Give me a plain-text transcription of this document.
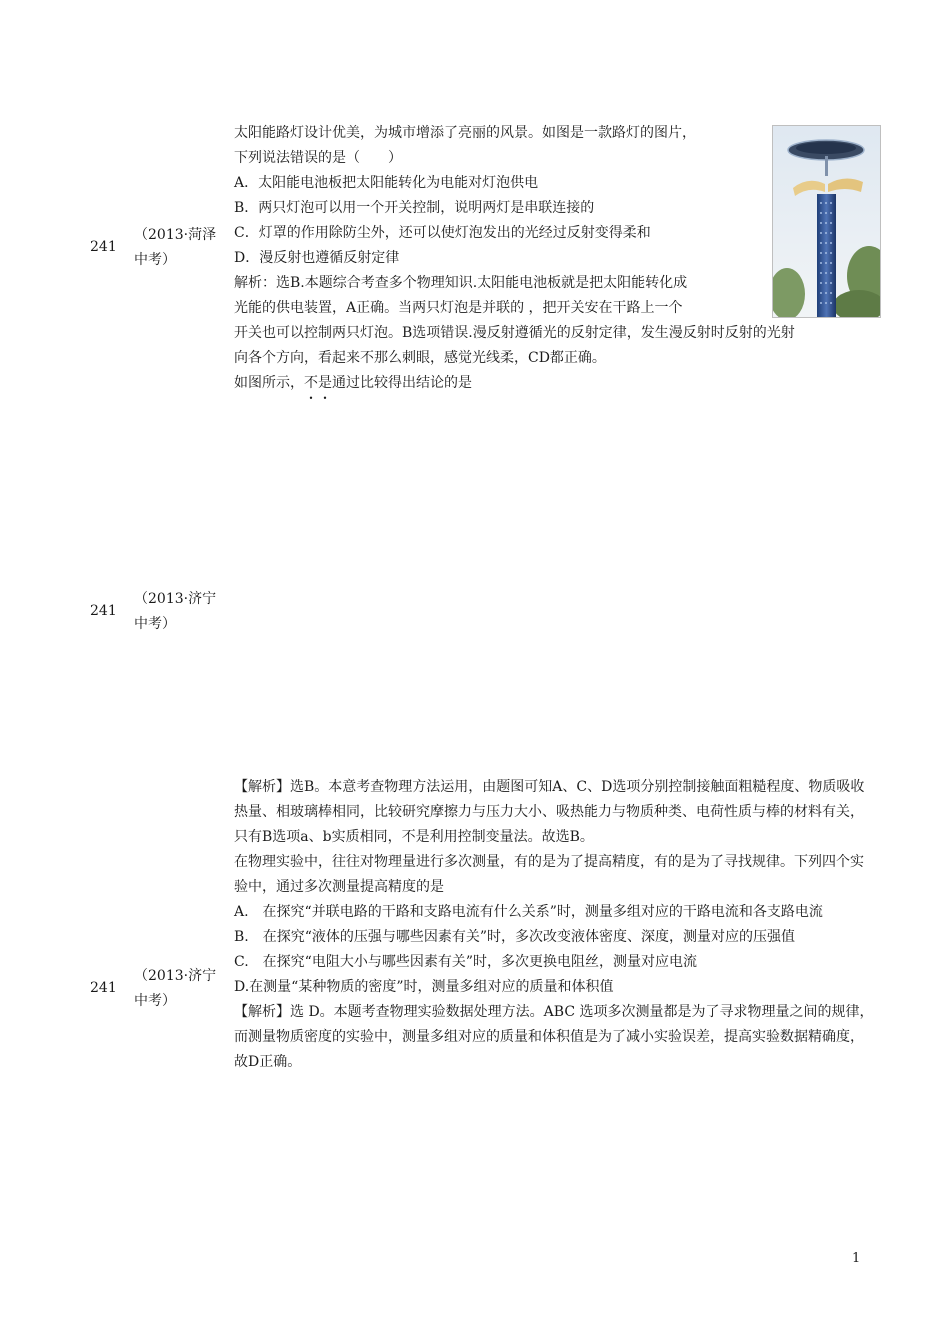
241
（2013·菏泽中考）

太阳能路灯设计优美，为城市增添了亮丽的风景。如图是一款路灯的图片，

下列说法错误的是（　　）

A．太阳能电池板把太阳能转化为电能对灯泡供电

B．两只灯泡可以用一个开关控制，说明两灯是串联连接的

C．灯罩的作用除防尘外，还可以使灯泡发出的光经过反射变得柔和

D．漫反射也遵循反射定律

解析：选B.本题综合考查多个物理知识.太阳能电池板就是把太阳能转化成

光能的供电装置，A正确。当两只灯泡是并联的 ，把开关安在干路上一个

开关也可以控制两只灯泡。B选项错误.漫反射遵循光的反射定律，发生漫反射时反射的光射

向各个方向，看起来不那么刺眼，感觉光线柔，CD都正确。

241
（2013·济宁中考）

如图所示，不是通过比较得出结论的是

241
（2013·济宁中考）

【解析】选B。本意考查物理方法运用，由题图可知A、C、D选项分别控制接触面粗糙程度、物质吸收热量、相玻璃棒相同，比较研究摩擦力与压力大小、吸热能力与物质种类、电荷性质与棒的材料有关，只有B选项a、b实质相同，不是利用控制变量法。故选B。

在物理实验中，往往对物理量进行多次测量，有的是为了提高精度，有的是为了寻找规律。下列四个实验中，通过多次测量提高精度的是

A.　在探究“并联电路的干路和支路电流有什么关系”时，测量多组对应的干路电流和各支路电流

B.　在探究“液体的压强与哪些因素有关”时，多次改变液体密度、深度，测量对应的压强值

C.　在探究“电阻大小与哪些因素有关”时，多次更换电阻丝，测量对应电流

D.在测量“某种物质的密度”时，测量多组对应的质量和体积值

【解析】选 D。本题考查物理实验数据处理方法。ABC 选项多次测量都是为了寻求物理量之间的规律，而测量物质密度的实验中，测量多组对应的质量和体积值是为了减小实验误差，提高实验数据精确度，故D正确。

1
